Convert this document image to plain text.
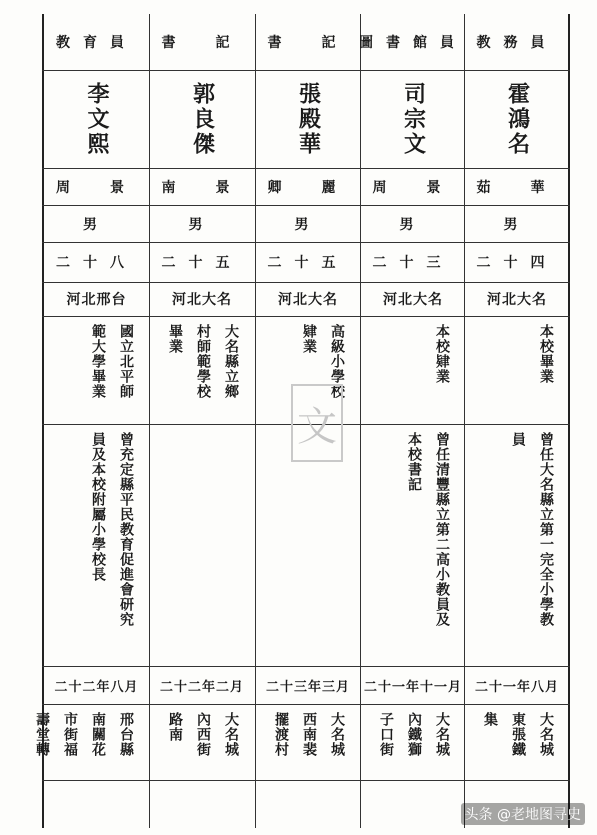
教育員
李文熙
周　景
男
二十八
河北邢台
二十二年八月
國立北平師
範大學畢業
曾充定縣平民教育促進會研究
員及本校附屬小學校長
邢台縣
南關花
市街福
壽堂轉
書　記
郭良傑
南　景
男
二十五
河北大名
二十二年二月
大名縣立鄉
村師範學校
畢業
大名城
內西街
路南
書　記
張殿華
卿　麗
男
二十五
河北大名
二十三年三月
高級小學校
肄業
大名城
西南裴
擺渡村
圖書館員
司宗文
周　景
男
二十三
河北大名
二十一年十一月
本校肄業
曾任清豐縣立第二高小教員及
本校書記
大名城
內鐵獅
子口街
教務員
霍鴻名
茹　華
男
二十四
河北大名
二十一年八月
本校畢業
曾任大名縣立第一完全小學教
員
大名城
東張鐵
集
文
头条 @老地图寻史
